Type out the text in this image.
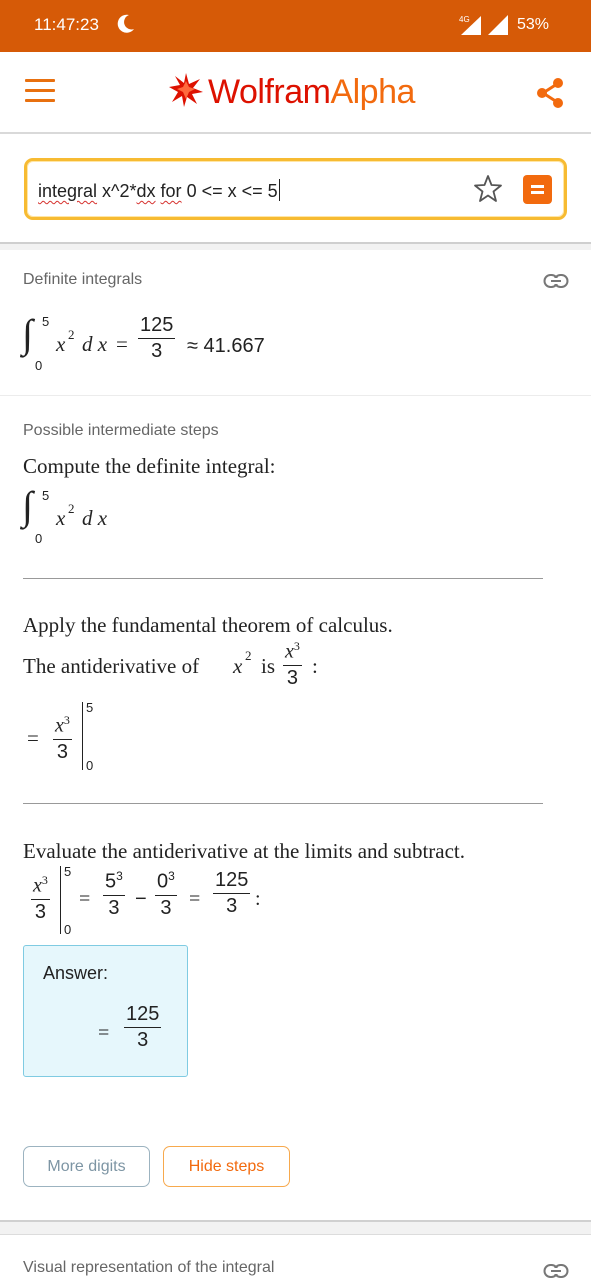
11:47:23	4G	53%
WolframAlpha
integral x^2*dx for 0 <= x <= 5
Definite integrals
∫ 5
0
x 2 d $x = \frac{125}{3} \approx 41.667$
Possible intermediate steps
Compute the definite integral:
∫ 5
0
x 2 d x
Apply the fundamental theorem of calculus.
The antiderivative of x 2 is $\frac{x^3}{3}$ :
= $\frac{x^3}{3}$
5
0
Evaluate the antiderivative at the limits and subtract.
$\frac{x^3}{3}$
5
0
= $\frac{5^3}{3} - \frac{0^3}{3} = \frac{125}{3}$ :
Answer:
= $\frac{125}{3}$
More digits	Hide steps
Visual representation of the integral
